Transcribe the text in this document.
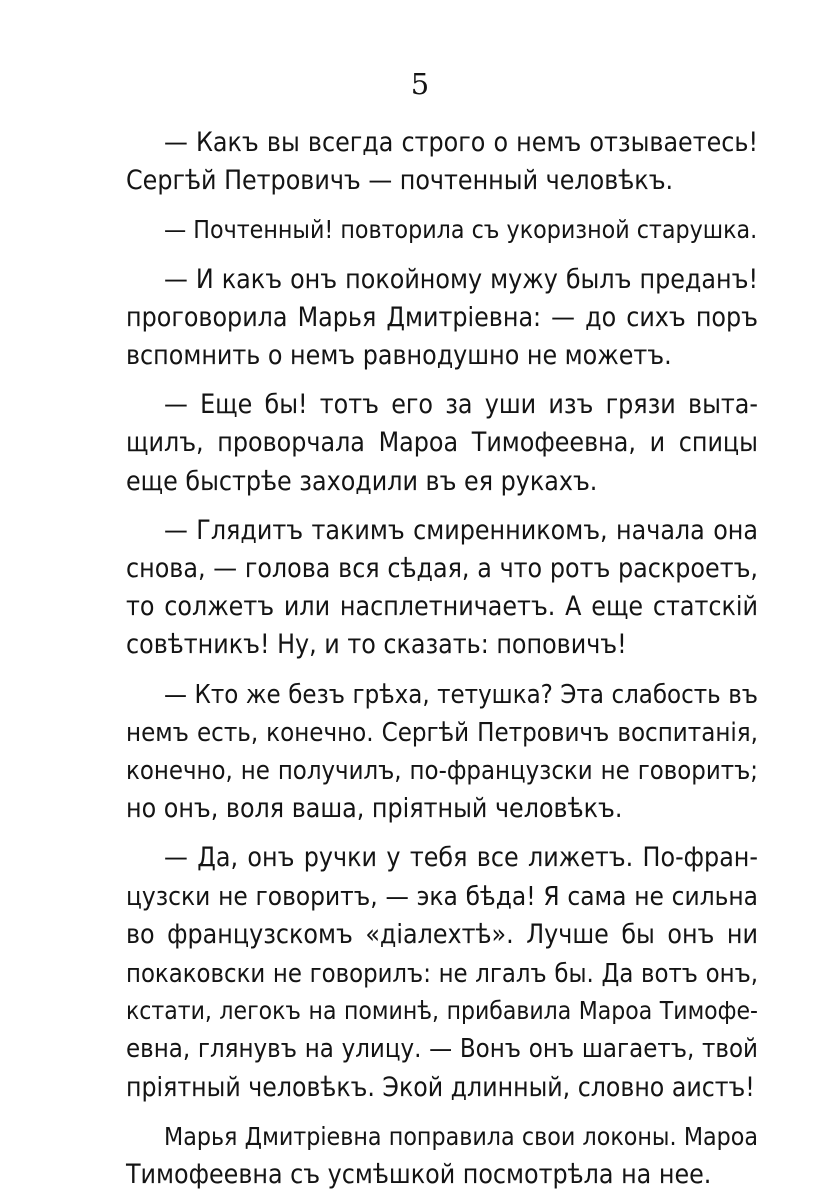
5
— Какъ вы всегда строго о немъ отзываетесь!
Сергѣй Петровичъ — почтенный человѣкъ.
— Почтенный! повторила съ укоризной старушка.
— И какъ онъ покойному мужу былъ преданъ!
проговорила Марья Дмитріевна: — до сихъ поръ
вспомнить о немъ равнодушно не можетъ.
— Еще бы! тотъ его за уши изъ грязи выта-
щилъ, проворчала Мароа Тимофеевна, и спицы
еще быстрѣе заходили въ ея рукахъ.
— Глядитъ такимъ смиренникомъ, начала она
снова, — голова вся сѣдая, а что ротъ раскроетъ,
то солжетъ или насплетничаетъ. А еще статскій
совѣтникъ! Ну, и то сказать: поповичъ!
— Кто же безъ грѣха, тетушка? Эта слабость въ
немъ есть, конечно. Сергѣй Петровичъ воспитанія,
конечно, не получилъ, по-французски не говоритъ;
но онъ, воля ваша, пріятный человѣкъ.
— Да, онъ ручки у тебя все лижетъ. По-фран-
цузски не говоритъ, — эка бѣда! Я сама не сильна
во французскомъ «діалехтѣ». Лучше бы онъ ни
покаковски не говорилъ: не лгалъ бы. Да вотъ онъ,
кстати, легокъ на поминѣ, прибавила Мароа Тимофе-
евна, глянувъ на улицу. — Вонъ онъ шагаетъ, твой
пріятный человѣкъ. Экой длинный, словно аистъ!
Марья Дмитріевна поправила свои локоны. Мароа
Тимофеевна съ усмѣшкой посмотрѣла на нее.
